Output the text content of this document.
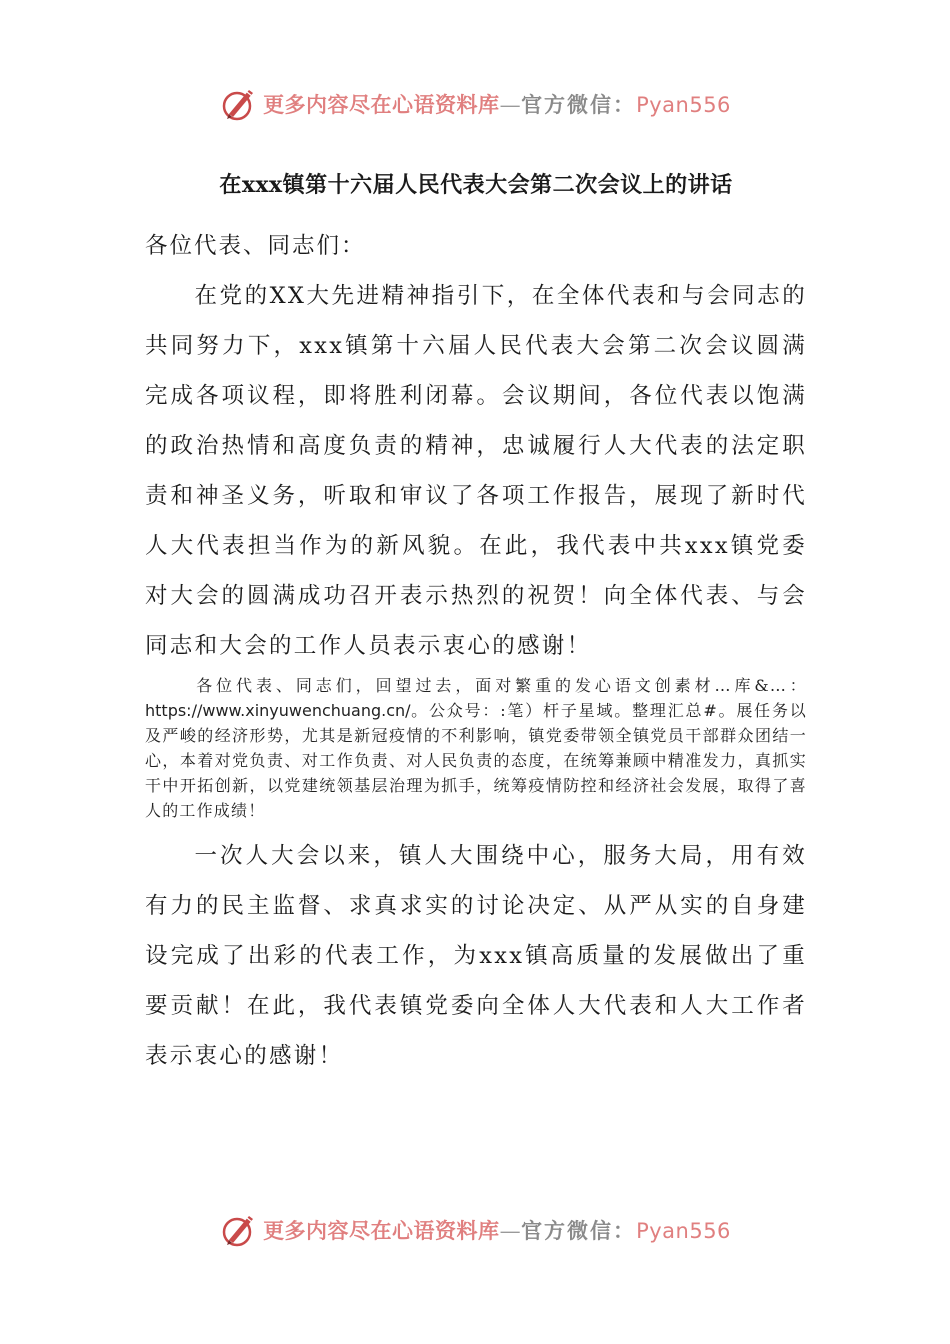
更多内容尽在心语资料库—官方微信：Pyan556
在xxx镇第十六届人民代表大会第二次会议上的讲话

各位代表、同志们：

在党的XX大先进精神指引下，在全体代表和与会同志的共同努力下，xxx镇第十六届人民代表大会第二次会议圆满完成各项议程，即将胜利闭幕。会议期间，各位代表以饱满的政治热情和高度负责的精神，忠诚履行人大代表的法定职责和神圣义务，听取和审议了各项工作报告，展现了新时代人大代表担当作为的新风貌。在此，我代表中共xxx镇党委对大会的圆满成功召开表示热烈的祝贺！向全体代表、与会同志和大会的工作人员表示衷心的感谢！

各位代表、同志们，回望过去，面对繁重的发心语文创素材…库&…：https://www.xinyuwenchuang.cn/。公众号：:笔）杆子星域。整理汇总#。展任务以及严峻的经济形势，尤其是新冠疫情的不利影响，镇党委带领全镇党员干部群众团结一心，本着对党负责、对工作负责、对人民负责的态度，在统筹兼顾中精准发力，真抓实干中开拓创新，以党建统领基层治理为抓手，统筹疫情防控和经济社会发展，取得了喜人的工作成绩！

一次人大会以来，镇人大围绕中心，服务大局，用有效有力的民主监督、求真求实的讨论决定、从严从实的自身建设完成了出彩的代表工作，为xxx镇高质量的发展做出了重要贡献！在此，我代表镇党委向全体人大代表和人大工作者表示衷心的感谢！

更多内容尽在心语资料库—官方微信：Pyan556
